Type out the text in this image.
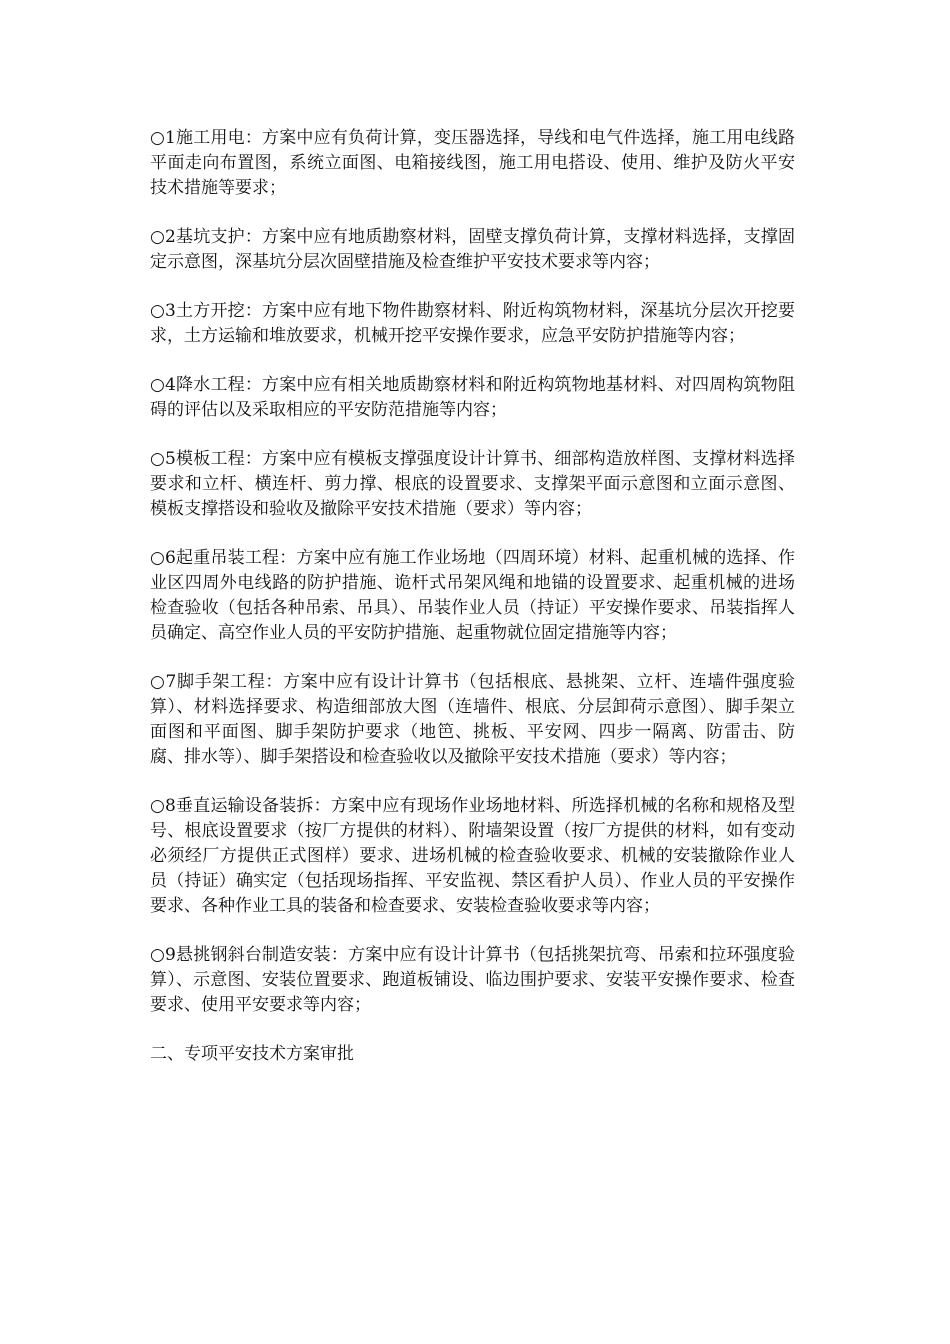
○1施工用电：方案中应有负荷计算，变压器选择，导线和电气件选择，施工用电线路平面走向布置图，系统立面图、电箱接线图，施工用电搭设、使用、维护及防火平安技术措施等要求；

○2基坑支护：方案中应有地质勘察材料，固壁支撑负荷计算，支撑材料选择，支撑固定示意图，深基坑分层次固壁措施及检查维护平安技术要求等内容；

○3土方开挖：方案中应有地下物件勘察材料、附近构筑物材料，深基坑分层次开挖要求，土方运输和堆放要求，机械开挖平安操作要求，应急平安防护措施等内容；

○4降水工程：方案中应有相关地质勘察材料和附近构筑物地基材料、对四周构筑物阻碍的评估以及采取相应的平安防范措施等内容；

○5模板工程：方案中应有模板支撑强度设计计算书、细部构造放样图、支撑材料选择要求和立杆、横连杆、剪力撑、根底的设置要求、支撑架平面示意图和立面示意图、模板支撑搭设和验收及撤除平安技术措施（要求）等内容；

○6起重吊装工程：方案中应有施工作业场地（四周环境）材料、起重机械的选择、作业区四周外电线路的防护措施、诡杆式吊架风绳和地锚的设置要求、起重机械的进场检查验收（包括各种吊索、吊具）、吊装作业人员（持证）平安操作要求、吊装指挥人员确定、高空作业人员的平安防护措施、起重物就位固定措施等内容；

○7脚手架工程：方案中应有设计计算书（包括根底、悬挑架、立杆、连墙件强度验算）、材料选择要求、构造细部放大图（连墙件、根底、分层卸荷示意图）、脚手架立面图和平面图、脚手架防护要求（地笆、挑板、平安网、四步一隔离、防雷击、防腐、排水等）、脚手架搭设和检查验收以及撤除平安技术措施（要求）等内容；

○8垂直运输设备装拆：方案中应有现场作业场地材料、所选择机械的名称和规格及型号、根底设置要求（按厂方提供的材料）、附墙架设置（按厂方提供的材料，如有变动必须经厂方提供正式图样）要求、进场机械的检查验收要求、机械的安装撤除作业人员（持证）确实定（包括现场指挥、平安监视、禁区看护人员）、作业人员的平安操作要求、各种作业工具的装备和检查要求、安装检查验收要求等内容；

○9悬挑钢斜台制造安装：方案中应有设计计算书（包括挑架抗弯、吊索和拉环强度验算）、示意图、安装位置要求、跑道板铺设、临边围护要求、安装平安操作要求、检查要求、使用平安要求等内容；

二、专项平安技术方案审批
